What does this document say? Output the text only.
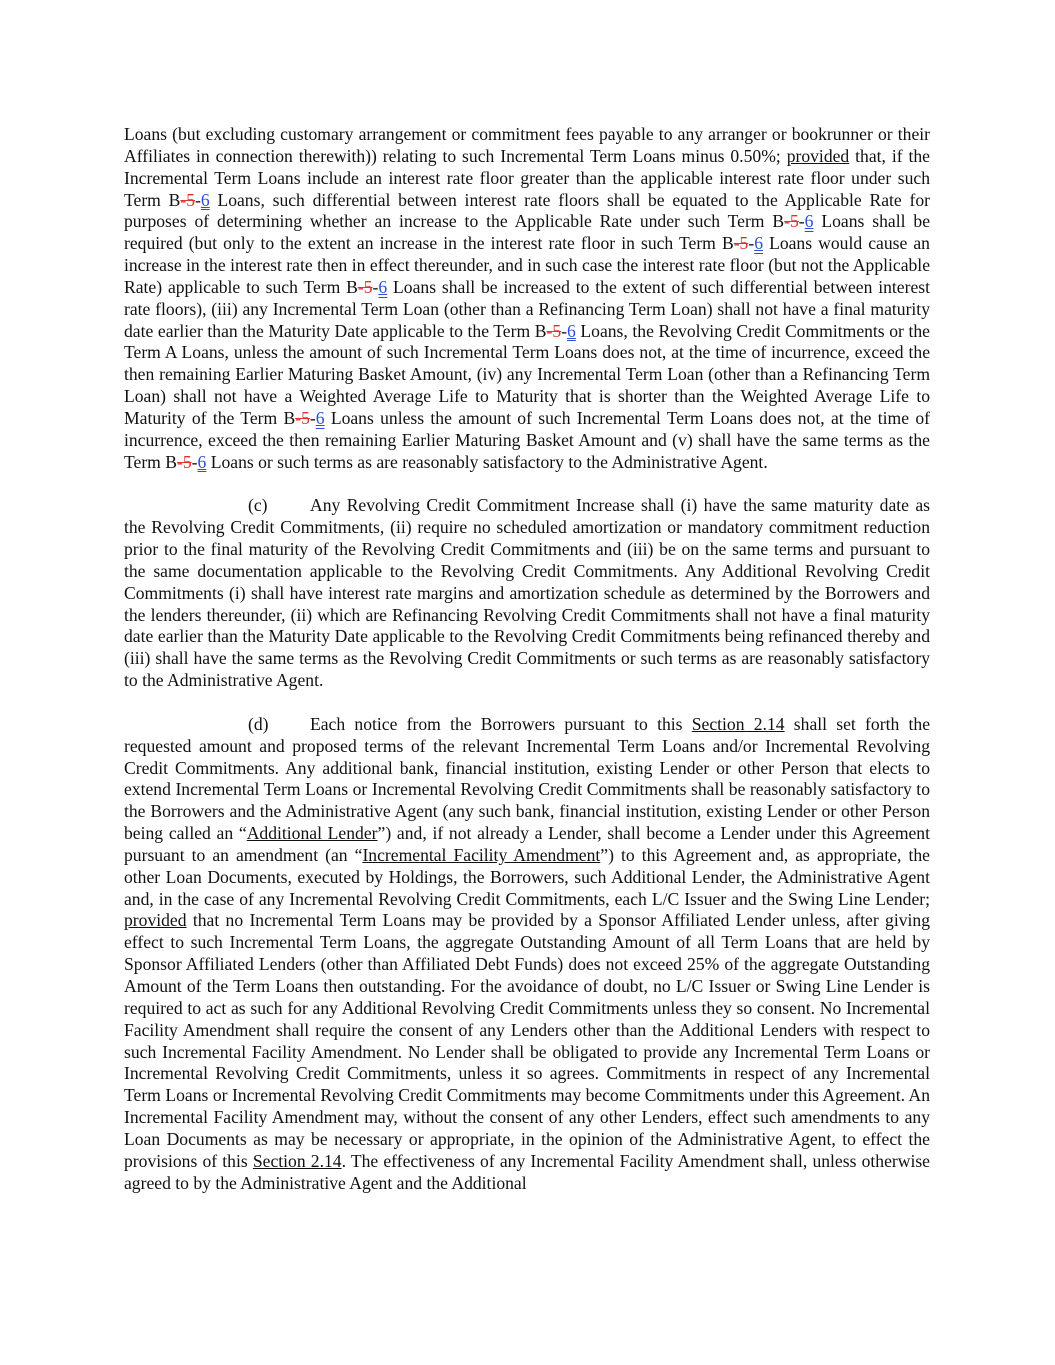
Loans (but excluding customary arrangement or commitment fees payable to any arranger or bookrunner or their Affiliates in connection therewith)) relating to such Incremental Term Loans minus 0.50%; provided that, if the Incremental Term Loans include an interest rate floor greater than the applicable interest rate floor under such Term B-5-6 Loans, such differential between interest rate floors shall be equated to the Applicable Rate for purposes of determining whether an increase to the Applicable Rate under such Term B-5-6 Loans shall be required (but only to the extent an increase in the interest rate floor in such Term B-5-6 Loans would cause an increase in the interest rate then in effect thereunder, and in such case the interest rate floor (but not the Applicable Rate) applicable to such Term B-5-6 Loans shall be increased to the extent of such differential between interest rate floors), (iii) any Incremental Term Loan (other than a Refinancing Term Loan) shall not have a final maturity date earlier than the Maturity Date applicable to the Term B-5-6 Loans, the Revolving Credit Commitments or the Term A Loans, unless the amount of such Incremental Term Loans does not, at the time of incurrence, exceed the then remaining Earlier Maturing Basket Amount, (iv) any Incremental Term Loan (other than a Refinancing Term Loan) shall not have a Weighted Average Life to Maturity that is shorter than the Weighted Average Life to Maturity of the Term B-5-6 Loans unless the amount of such Incremental Term Loans does not, at the time of incurrence, exceed the then remaining Earlier Maturing Basket Amount and (v) shall have the same terms as the Term B-5-6 Loans or such terms as are reasonably satisfactory to the Administrative Agent.

(c) Any Revolving Credit Commitment Increase shall (i) have the same maturity date as the Revolving Credit Commitments, (ii) require no scheduled amortization or mandatory commitment reduction prior to the final maturity of the Revolving Credit Commitments and (iii) be on the same terms and pursuant to the same documentation applicable to the Revolving Credit Commitments. Any Additional Revolving Credit Commitments (i) shall have interest rate margins and amortization schedule as determined by the Borrowers and the lenders thereunder, (ii) which are Refinancing Revolving Credit Commitments shall not have a final maturity date earlier than the Maturity Date applicable to the Revolving Credit Commitments being refinanced thereby and (iii) shall have the same terms as the Revolving Credit Commitments or such terms as are reasonably satisfactory to the Administrative Agent.

(d) Each notice from the Borrowers pursuant to this Section 2.14 shall set forth the requested amount and proposed terms of the relevant Incremental Term Loans and/or Incremental Revolving Credit Commitments. Any additional bank, financial institution, existing Lender or other Person that elects to extend Incremental Term Loans or Incremental Revolving Credit Commitments shall be reasonably satisfactory to the Borrowers and the Administrative Agent (any such bank, financial institution, existing Lender or other Person being called an “Additional Lender”) and, if not already a Lender, shall become a Lender under this Agreement pursuant to an amendment (an “Incremental Facility Amendment”) to this Agreement and, as appropriate, the other Loan Documents, executed by Holdings, the Borrowers, such Additional Lender, the Administrative Agent and, in the case of any Incremental Revolving Credit Commitments, each L/C Issuer and the Swing Line Lender; provided that no Incremental Term Loans may be provided by a Sponsor Affiliated Lender unless, after giving effect to such Incremental Term Loans, the aggregate Outstanding Amount of all Term Loans that are held by Sponsor Affiliated Lenders (other than Affiliated Debt Funds) does not exceed 25% of the aggregate Outstanding Amount of the Term Loans then outstanding. For the avoidance of doubt, no L/C Issuer or Swing Line Lender is required to act as such for any Additional Revolving Credit Commitments unless they so consent. No Incremental Facility Amendment shall require the consent of any Lenders other than the Additional Lenders with respect to such Incremental Facility Amendment. No Lender shall be obligated to provide any Incremental Term Loans or Incremental Revolving Credit Commitments, unless it so agrees. Commitments in respect of any Incremental Term Loans or Incremental Revolving Credit Commitments may become Commitments under this Agreement. An Incremental Facility Amendment may, without the consent of any other Lenders, effect such amendments to any Loan Documents as may be necessary or appropriate, in the opinion of the Administrative Agent, to effect the provisions of this Section 2.14. The effectiveness of any Incremental Facility Amendment shall, unless otherwise agreed to by the Administrative Agent and the Additional
